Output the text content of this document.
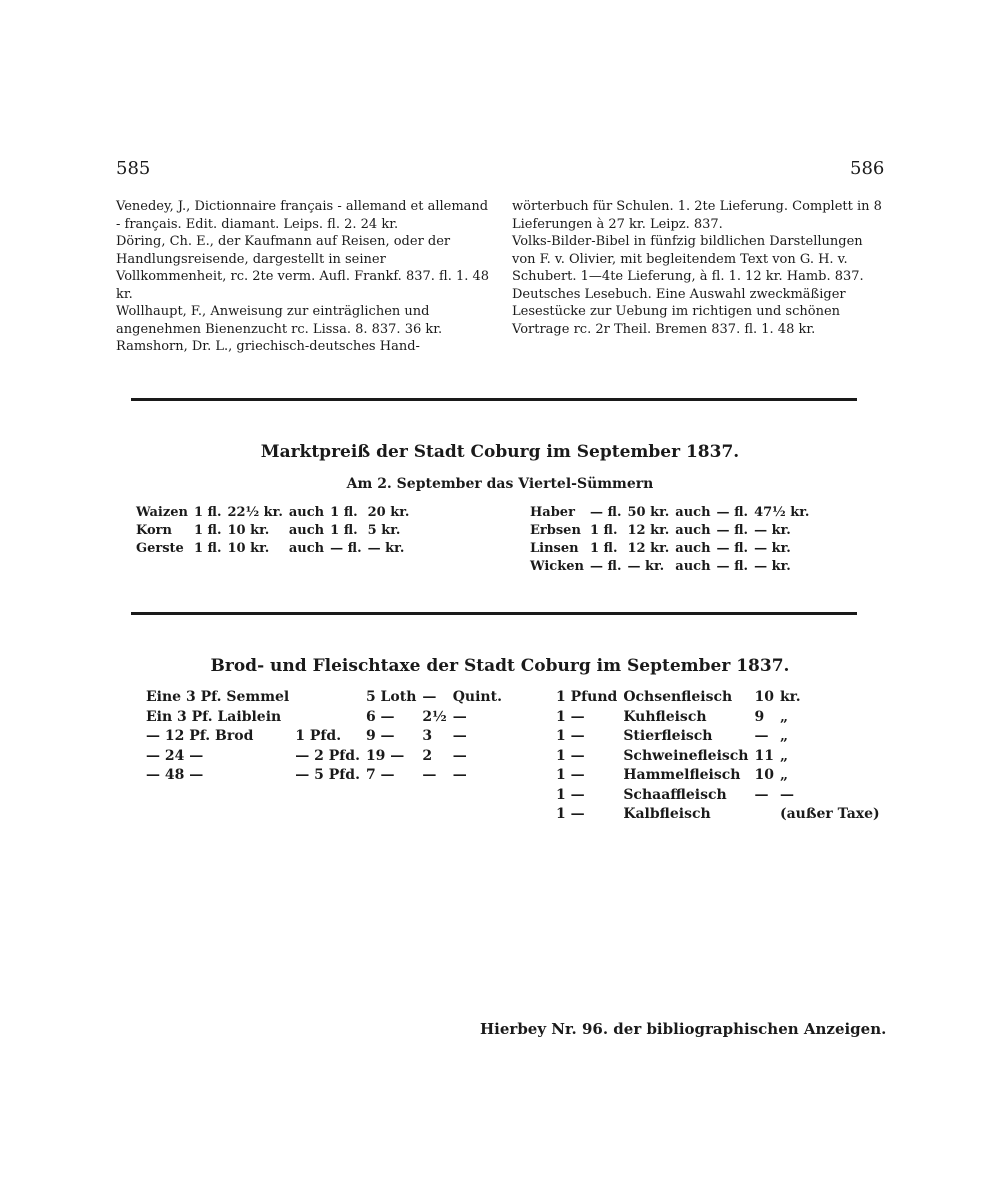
585	586

Venedey, J., Dictionnaire français - allemand et allemand - français. Edit. diamant. Leips. fl. 2. 24 kr.

Döring, Ch. E., der Kaufmann auf Reisen, oder der Handlungsreisende, dargestellt in seiner Vollkommenheit, rc. 2te verm. Aufl. Frankf. 837. fl. 1. 48 kr.

Wollhaupt, F., Anweisung zur einträglichen und angenehmen Bienenzucht rc. Lissa. 8. 837. 36 kr.

Ramshorn, Dr. L., griechisch-deutsches Hand-

wörterbuch für Schulen. 1. 2te Lieferung. Complett in 8 Lieferungen à 27 kr. Leipz. 837.

Volks-Bilder-Bibel in fünfzig bildlichen Darstellungen von F. v. Olivier, mit begleitendem Text von G. H. v. Schubert. 1—4te Lieferung, à fl. 1. 12 kr. Hamb. 837.

Deutsches Lesebuch. Eine Auswahl zweckmäßiger Lesestücke zur Uebung im richtigen und schönen Vortrage rc. 2r Theil. Bremen 837. fl. 1. 48 kr.

Marktpreiß der Stadt Coburg im September 1837.
Am 2. September das Viertel-Sümmern
Waizen	1 fl.	22½ kr.	auch	1 fl.	20 kr.
Korn	1 fl.	10 kr.	auch	1 fl.	5 kr.
Gerste	1 fl.	10 kr.	auch	— fl.	— kr.
Haber	— fl.	50 kr.	auch	— fl.	47½ kr.
Erbsen	1 fl.	12 kr.	auch	— fl.	— kr.
Linsen	1 fl.	12 kr.	auch	— fl.	— kr.
Wicken	— fl.	— kr.	auch	— fl.	— kr.
Brod- und Fleischtaxe der Stadt Coburg im September 1837.
Eine 3 Pf. Semmel		5 Loth	—	Quint.
Ein 3 Pf. Laiblein		6 —	2½	—
— 12 Pf. Brod	1 Pfd.	9 —	3	—
— 24 —	— 2 Pfd.	19 —	2	—
— 48 —	— 5 Pfd.	7 —	—	—
1 Pfund	Ochsenfleisch	10	kr.
1 —	Kuhfleisch	9	„
1 —	Stierfleisch	—	„
1 —	Schweinefleisch	11	„
1 —	Hammelfleisch	10	„
1 —	Schaaffleisch	—	—
1 —	Kalbfleisch		(außer Taxe)
Hierbey Nr. 96. der bibliographischen Anzeigen.
